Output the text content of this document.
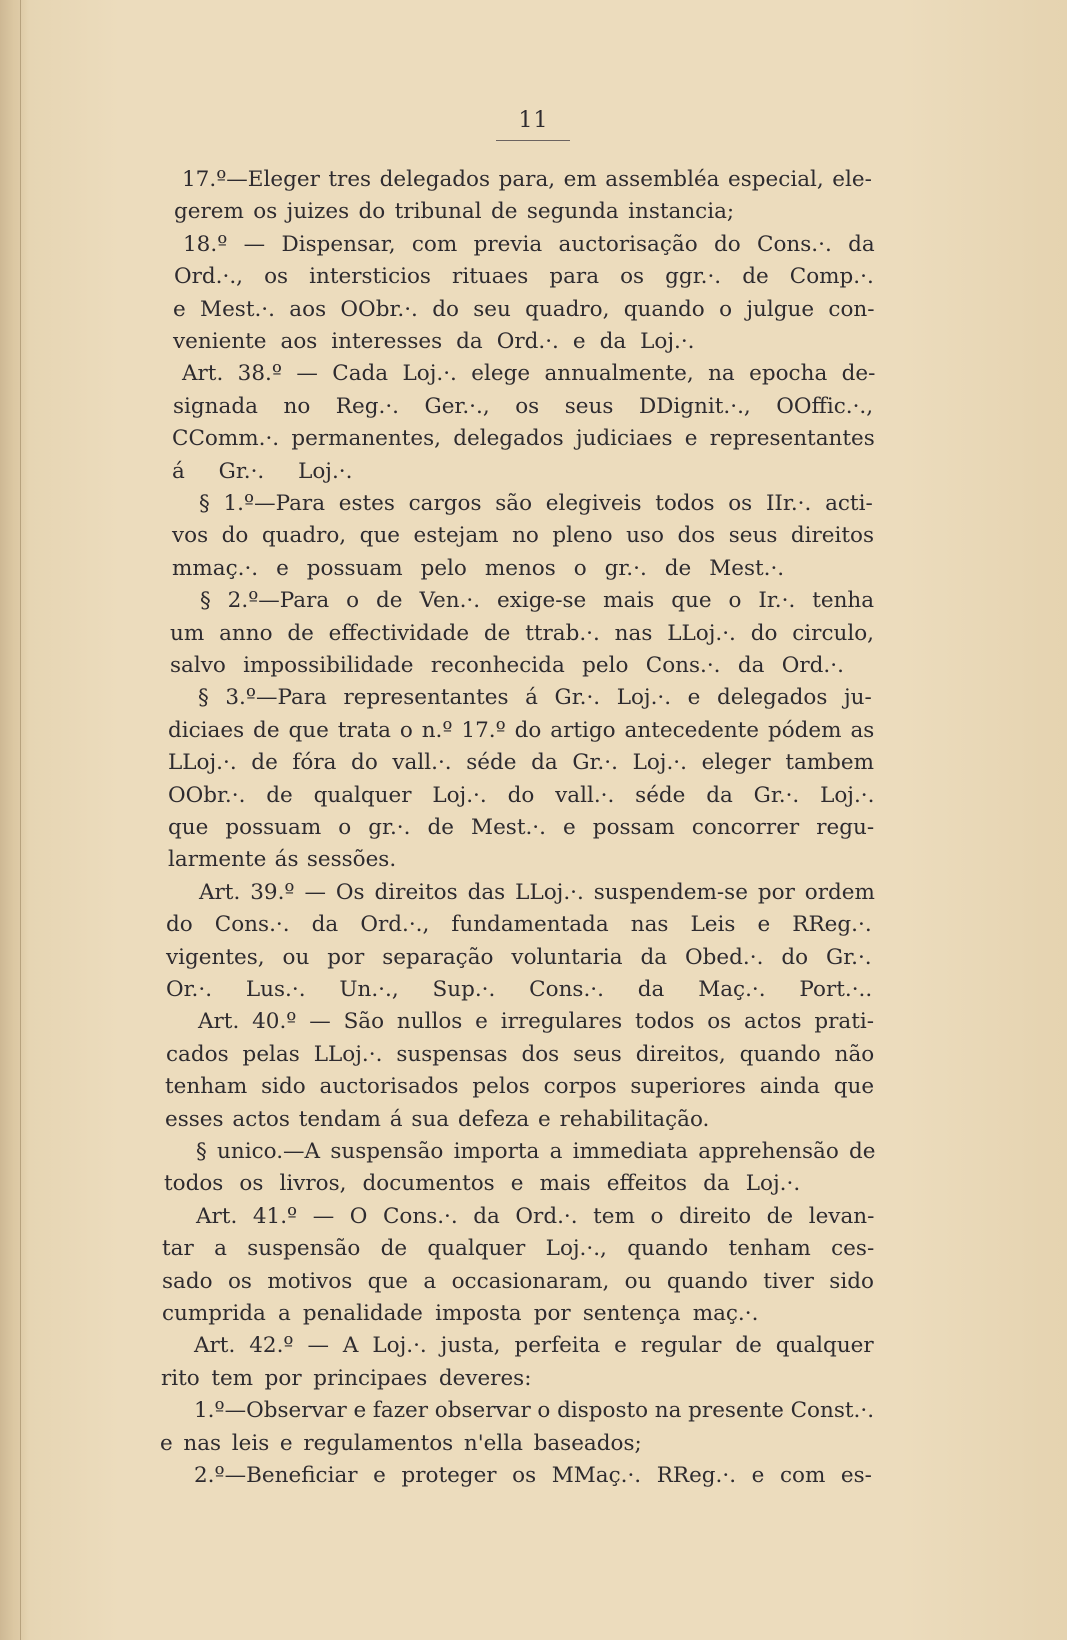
11
17.º—Eleger tres delegados para, em assembléa especial, ele-
gerem os juizes do tribunal de segunda instancia;
18.º — Dispensar, com previa auctorisação do Cons.·. da
Ord.·., os intersticios rituaes para os ggr.·. de Comp.·.
e Mest.·. aos OObr.·. do seu quadro, quando o julgue con-
veniente aos interesses da Ord.·. e da Loj.·.
Art. 38.º — Cada Loj.·. elege annualmente, na epocha de-
signada no Reg.·. Ger.·., os seus DDignit.·., OOffic.·.,
CComm.·. permanentes, delegados judiciaes e representantes
á Gr.·. Loj.·.
§ 1.º—Para estes cargos são elegiveis todos os IIr.·. acti-
vos do quadro, que estejam no pleno uso dos seus direitos
mmaç.·. e possuam pelo menos o gr.·. de Mest.·.
§ 2.º—Para o de Ven.·. exige-se mais que o Ir.·. tenha
um anno de effectividade de ttrab.·. nas LLoj.·. do circulo,
salvo impossibilidade reconhecida pelo Cons.·. da Ord.·.
§ 3.º—Para representantes á Gr.·. Loj.·. e delegados ju-
diciaes de que trata o n.º 17.º do artigo antecedente pódem as
LLoj.·. de fóra do vall.·. séde da Gr.·. Loj.·. eleger tambem
OObr.·. de qualquer Loj.·. do vall.·. séde da Gr.·. Loj.·.
que possuam o gr.·. de Mest.·. e possam concorrer regu-
larmente ás sessões.
Art. 39.º — Os direitos das LLoj.·. suspendem-se por ordem
do Cons.·. da Ord.·., fundamentada nas Leis e RReg.·.
vigentes, ou por separação voluntaria da Obed.·. do Gr.·.
Or.·. Lus.·. Un.·., Sup.·. Cons.·. da Maç.·. Port.·..
Art. 40.º — São nullos e irregulares todos os actos prati-
cados pelas LLoj.·. suspensas dos seus direitos, quando não
tenham sido auctorisados pelos corpos superiores ainda que
esses actos tendam á sua defeza e rehabilitação.
§ unico.—A suspensão importa a immediata apprehensão de
todos os livros, documentos e mais effeitos da Loj.·.
Art. 41.º — O Cons.·. da Ord.·. tem o direito de levan-
tar a suspensão de qualquer Loj.·., quando tenham ces-
sado os motivos que a occasionaram, ou quando tiver sido
cumprida a penalidade imposta por sentença maç.·.
Art. 42.º — A Loj.·. justa, perfeita e regular de qualquer
rito tem por principaes deveres:
1.º—Observar e fazer observar o disposto na presente Const.·.
e nas leis e regulamentos n'ella baseados;
2.º—Beneficiar e proteger os MMaç.·. RReg.·. e com es-
